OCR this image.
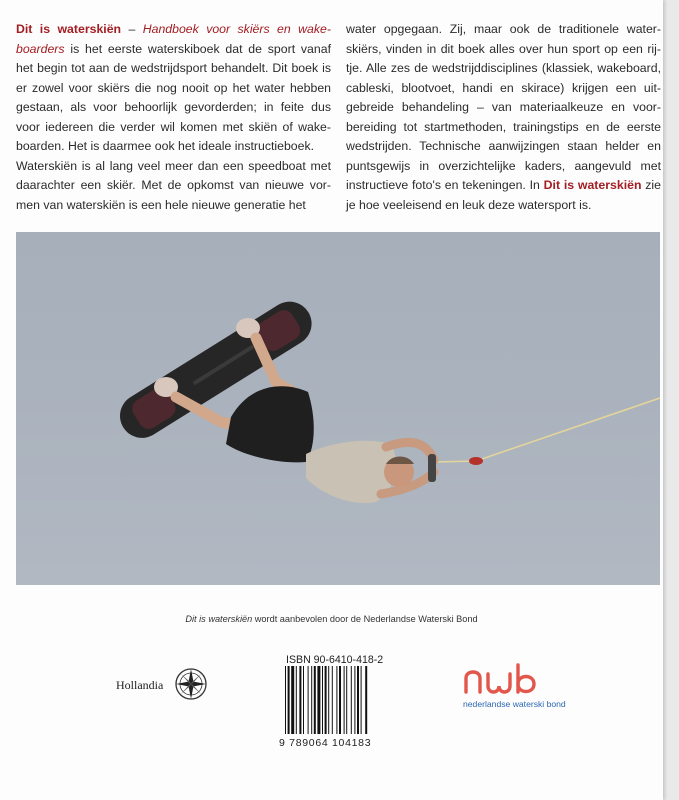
Dit is waterskiën – Handboek voor skiërs en wakeboarders is het eerste waterskiboek dat de sport vanaf het begin tot aan de wedstrijdsport behandelt. Dit boek is er zowel voor skiërs die nog nooit op het water hebben gestaan, als voor behoorlijk gevorderden; in feite dus voor iedereen die verder wil komen met skiën of wakeboarden. Het is daarmee ook het ideale instructieboek.
Waterskiën is al lang veel meer dan een speedboat met daarachter een skiër. Met de opkomst van nieuwe vormen van waterskiën is een hele nieuwe generatie het
water opgegaan. Zij, maar ook de traditionele waterskiërs, vinden in dit boek alles over hun sport op een rijtje. Alle zes de wedstrijddisciplines (klassiek, wakeboard, cableski, blootvoet, handi en skirace) krijgen een uitgebreide behandeling – van materiaalkeuze en voorbereiding tot startmethoden, trainingstips en de eerste wedstrijden. Technische aanwijzingen staan helder en puntsgewijs in overzichtelijke kaders, aangevuld met instructieve foto's en tekeningen. In Dit is waterskiën zie je hoe veeleisend en leuk deze watersport is.
Dit is waterskiën wordt aanbevolen door de Nederlandse Waterski Bond
Hollandia
ISBN 90-6410-418-2
9 789064 104183
nederlandse waterski bond
